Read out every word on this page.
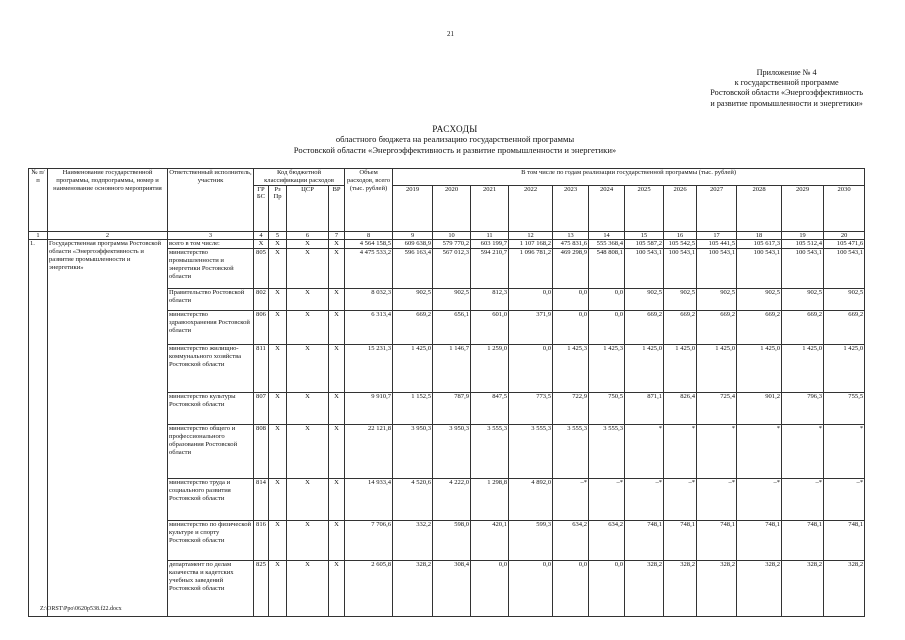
21
Приложение № 4
к государственной программе
Ростовской области «Энергоэффективность
и развитие промышленности и энергетики»
РАСХОДЫ
областного бюджета на реализацию государственной программы
Ростовской области «Энергоэффективность и развитие промышленности и энергетики»
№ п/п	Наименование государственной программы, подпрограммы, номер и наименование основного мероприятия	Ответственный исполнитель, участник	Код бюджетной классификации расходов				Объем расходов, всего (тыс. рублей)	В том числе по годам реализации государственной программы (тыс. рублей)											
			ГР БС	Рз Пр	ЦСР	ВР		2019	2020	2021	2022	2023	2024	2025	2026	2027	2028	2029	2030
1	2	3	4	5	6	7	8	9	10	11	12	13	14	15	16	17	18	19	20
1.	Государственная программа Ростовской области «Энергоэффективность и развитие промышленности и энергетики»	всего в том числе:	Х	Х	Х	Х	4 564 158,5	609 638,9	579 770,2	603 199,7	1 107 168,2	475 831,6	555 368,4	105 587,2	105 542,5	105 441,5	105 617,3	105 512,4	105 471,6
		министерство промышленности и энергетики Ростовской области	805	Х	Х	Х	4 475 533,2	596 163,4	567 012,3	594 210,7	1 096 781,2	469 298,9	548 808,1	100 543,1	100 543,1	100 543,1	100 543,1	100 543,1	100 543,1
		Правительство Ростовской области	802	Х	Х	Х	8 032,3	902,5	902,5	812,3	0,0	0,0	0,0	902,5	902,5	902,5	902,5	902,5	902,5
		министерство здравоохранения Ростовской области	806	Х	Х	Х	6 313,4	669,2	656,1	601,0	371,9	0,0	0,0	669,2	669,2	669,2	669,2	669,2	669,2
		министерство жилищно-коммунального хозяйства Ростовской области	811	Х	Х	Х	15 231,3	1 425,0	1 146,7	1 259,0	0,0	1 425,3	1 425,3	1 425,0	1 425,0	1 425,0	1 425,0	1 425,0	1 425,0
		министерство культуры Ростовской области	807	Х	Х	Х	9 910,7	1 152,5	787,9	847,5	773,5	722,9	750,5	871,1	826,4	725,4	901,2	796,3	755,5
		министерство общего и профессионального образования Ростовской области	808	Х	Х	Х	22 121,8	3 950,3	3 950,3	3 555,3	3 555,3	3 555,3	3 555,3	*	*	*	*	*	*
		министерство труда и социального развития Ростовской области	814	Х	Х	Х	14 933,4	4 520,6	4 222,0	1 298,8	4 892,0	–*	–*	–*	–*	–*	–*	–*	–*
		министерство по физической культуре и спорту Ростовской области	816	Х	Х	Х	7 706,6	332,2	598,0	420,1	599,3	634,2	634,2	748,1	748,1	748,1	748,1	748,1	748,1
		департамент по делам казачества и кадетских учебных заведений Ростовской области	825	Х	Х	Х	2 605,8	328,2	308,4	0,0	0,0	0,0	0,0	328,2	328,2	328,2	328,2	328,2	328,2
Z:\ORST\Ppo\0620p538.f22.docx
